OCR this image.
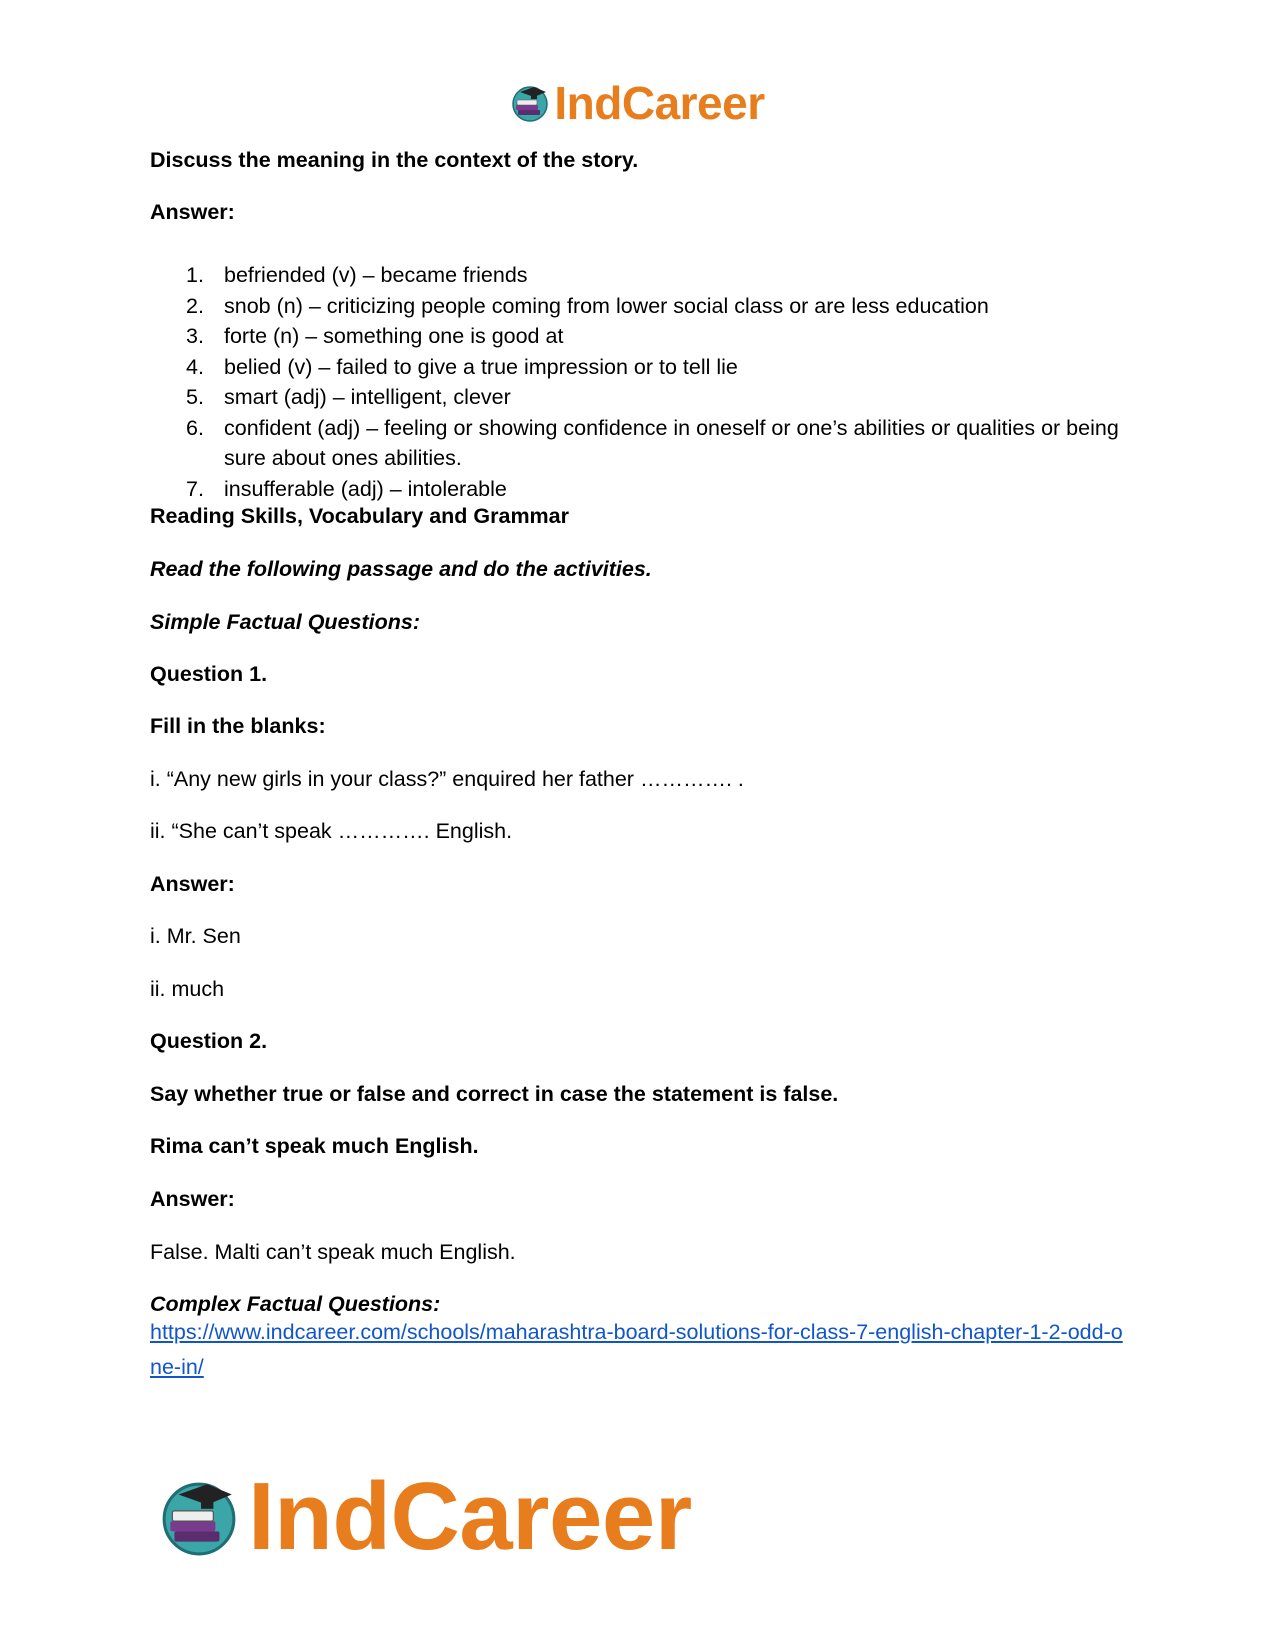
IndCareer
Discuss the meaning in the context of the story.
Answer:
1. befriended (v) – became friends
2. snob (n) – criticizing people coming from lower social class or are less education
3. forte (n) – something one is good at
4. belied (v) – failed to give a true impression or to tell lie
5. smart (adj) – intelligent, clever
6. confident (adj) – feeling or showing confidence in oneself or one’s abilities or qualities or being sure about ones abilities.
7. insufferable (adj) – intolerable
Reading Skills, Vocabulary and Grammar
Read the following passage and do the activities.
Simple Factual Questions:
Question 1.
Fill in the blanks:
i. “Any new girls in your class?” enquired her father …………. .
ii. “She can’t speak …………. English.
Answer:
i. Mr. Sen
ii. much
Question 2.
Say whether true or false and correct in case the statement is false.
Rima can’t speak much English.
Answer:
False. Malti can’t speak much English.
Complex Factual Questions:
https://www.indcareer.com/schools/maharashtra-board-solutions-for-class-7-english-chapter-1-2-odd-one-in/
IndCareer
